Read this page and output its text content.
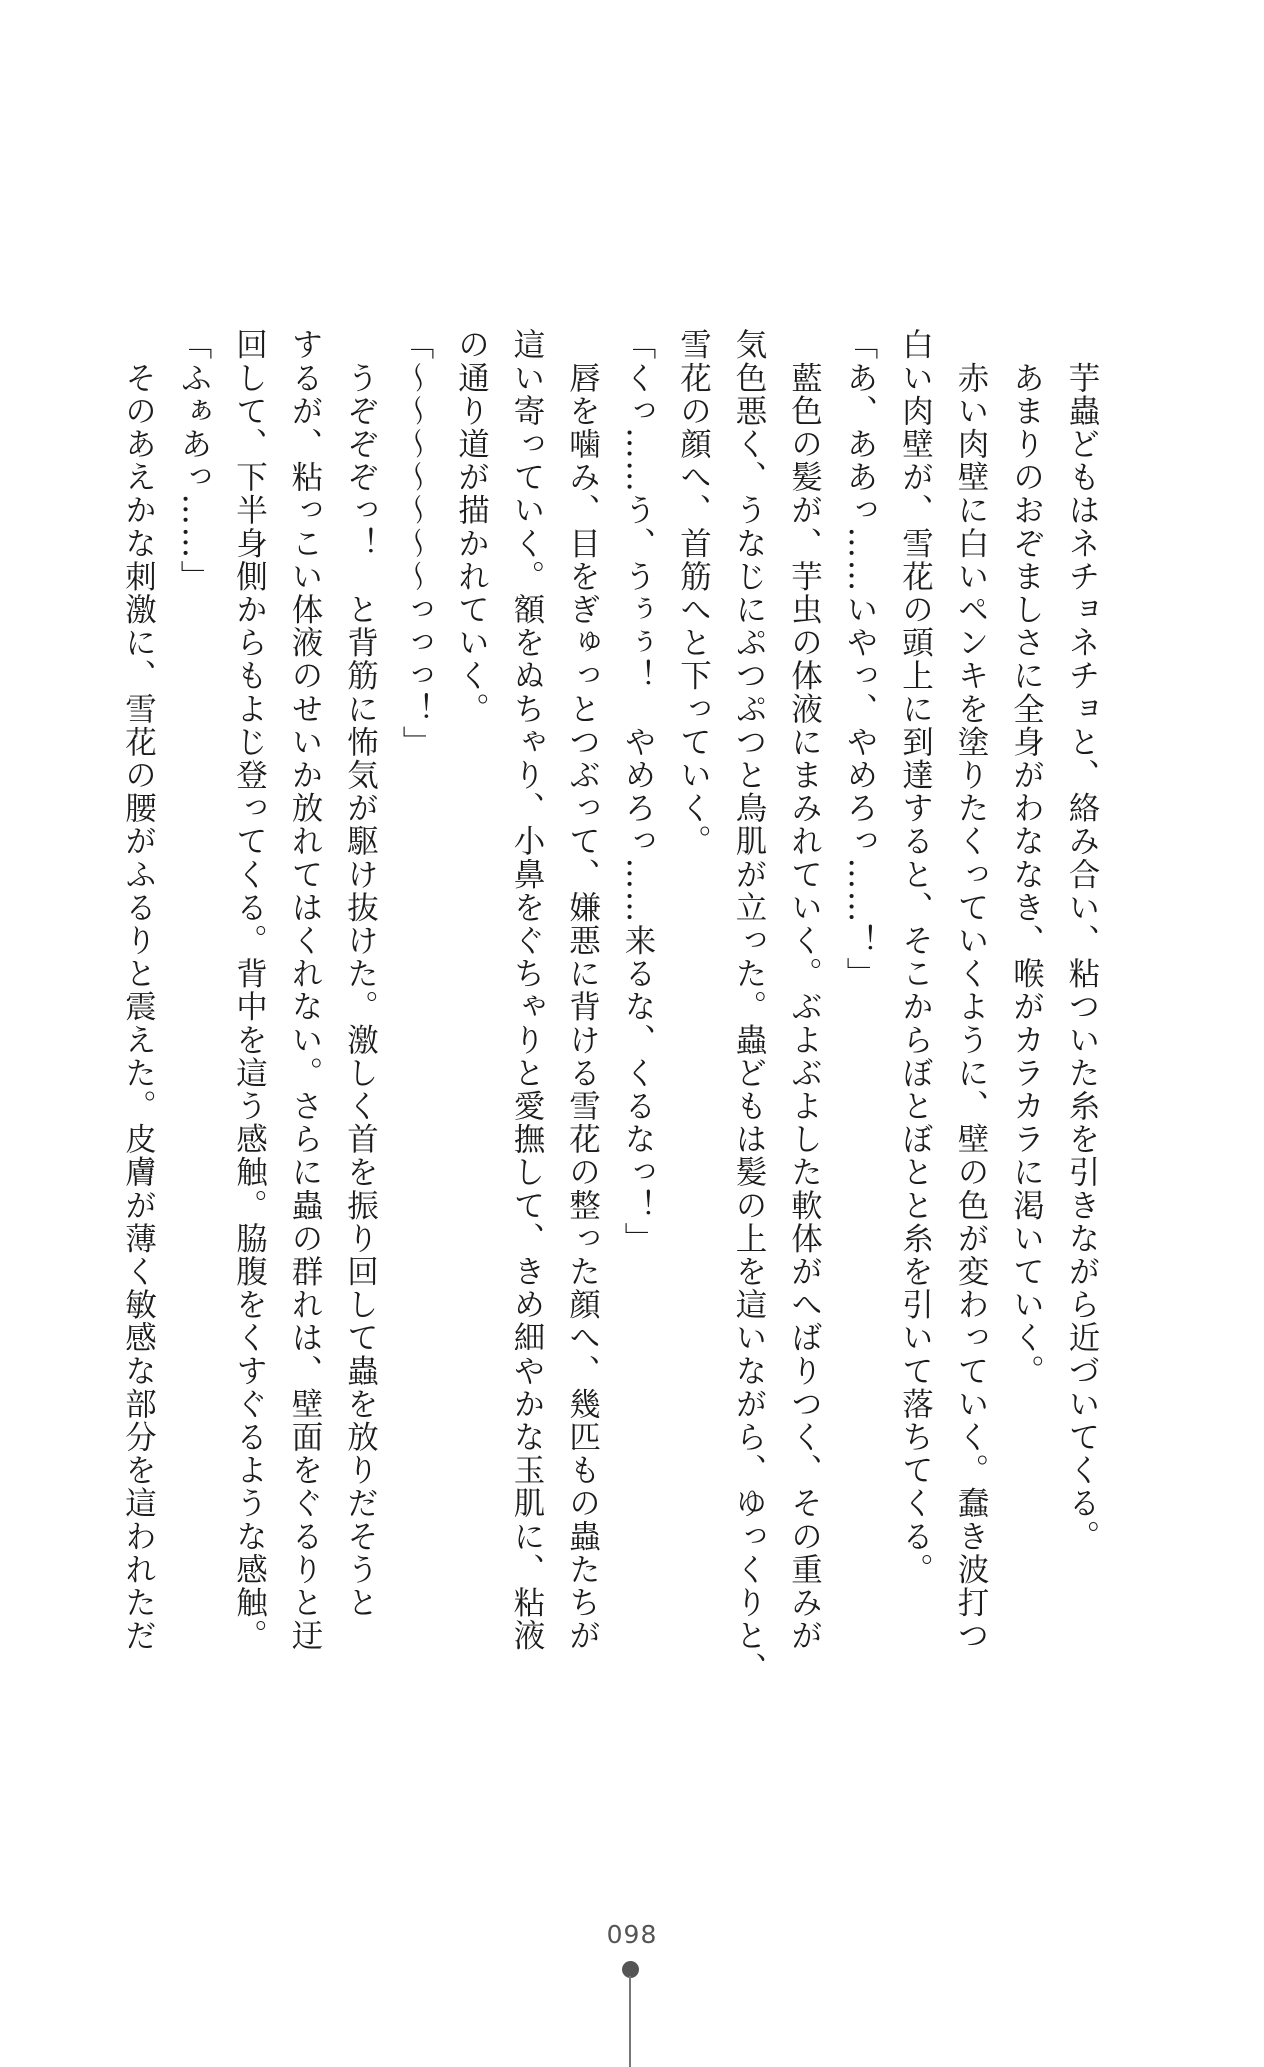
　芋蟲どもはネチョネチョと、絡み合い、粘ついた糸を引きながら近づいてくる。
　あまりのおぞましさに全身がわななき、喉がカラカラに渇いていく。
　赤い肉壁に白いペンキを塗りたくっていくように、壁の色が変わっていく。蠢き波打つ
白い肉壁が、雪花の頭上に到達すると、そこからぼとぼとと糸を引いて落ちてくる。
「あ、ああっ……いやっ、やめろっ……！」
　藍色の髪が、芋虫の体液にまみれていく。ぶよぶよした軟体がへばりつく、その重みが
気色悪く、うなじにぷつぷつと鳥肌が立った。蟲どもは髪の上を這いながら、ゆっくりと、
雪花の顔へ、首筋へと下っていく。
「くっ……う、うぅぅ！　やめろっ……来るな、くるなっ！」
　唇を噛み、目をぎゅっとつぶって、嫌悪に背ける雪花の整った顔へ、幾匹もの蟲たちが
這い寄っていく。額をぬちゃり、小鼻をぐちゃりと愛撫して、きめ細やかな玉肌に、粘液
の通り道が描かれていく。
「〜〜〜〜〜〜〜っっっ！」
　うぞぞぞっ！　と背筋に怖気が駆け抜けた。激しく首を振り回して蟲を放りだそうと
するが、粘っこい体液のせいか放れてはくれない。さらに蟲の群れは、壁面をぐるりと迂
回して、下半身側からもよじ登ってくる。背中を這う感触。脇腹をくすぐるような感触。
「ふぁあっ……」
　そのあえかな刺激に、雪花の腰がふるりと震えた。皮膚が薄く敏感な部分を這われただ
098
